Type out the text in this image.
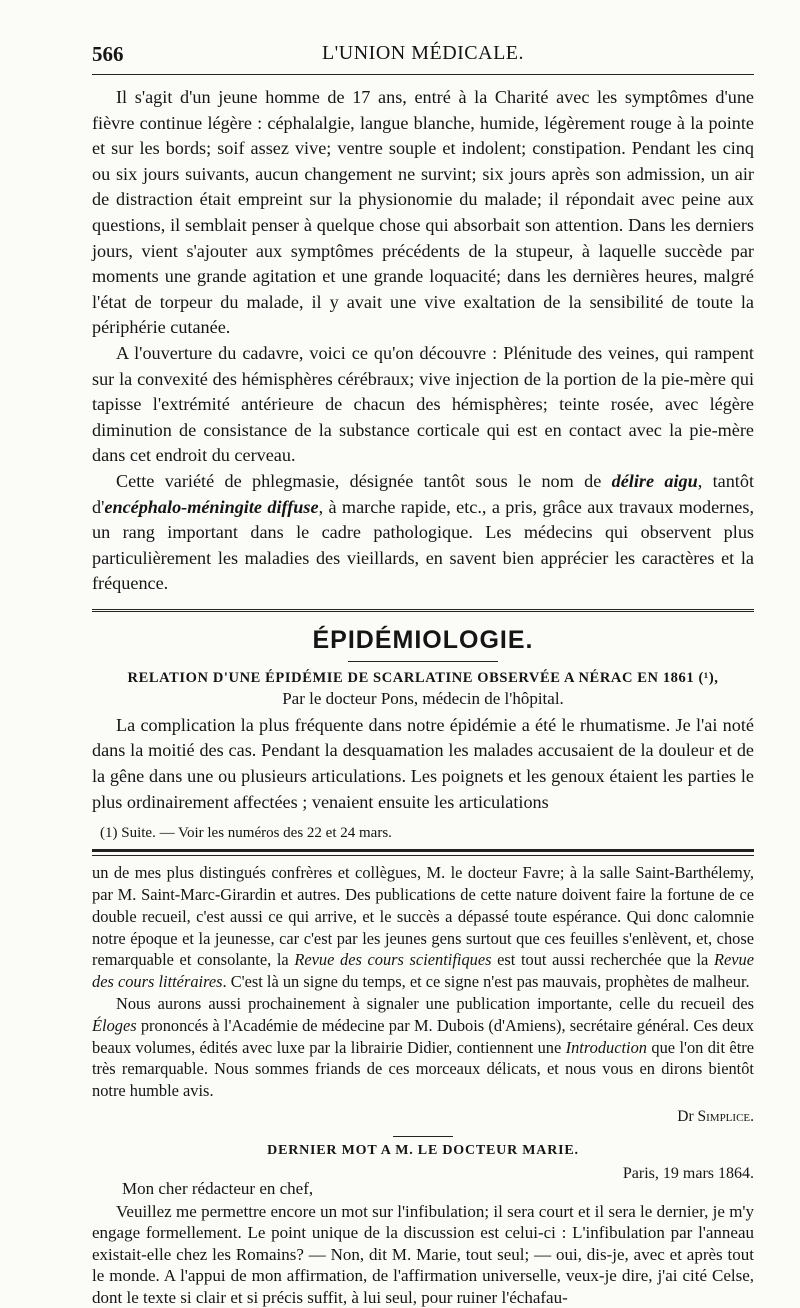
566	L'UNION MÉDICALE.

Il s'agit d'un jeune homme de 17 ans, entré à la Charité avec les symptômes d'une fièvre continue légère : céphalalgie, langue blanche, humide, légèrement rouge à la pointe et sur les bords; soif assez vive; ventre souple et indolent; constipation. Pendant les cinq ou six jours suivants, aucun changement ne survint; six jours après son admission, un air de distraction était empreint sur la physionomie du malade; il répondait avec peine aux questions, il semblait penser à quelque chose qui absorbait son attention. Dans les derniers jours, vient s'ajouter aux symptômes précédents de la stupeur, à laquelle succède par moments une grande agitation et une grande loquacité; dans les dernières heures, malgré l'état de torpeur du malade, il y avait une vive exaltation de la sensibilité de toute la périphérie cutanée.

A l'ouverture du cadavre, voici ce qu'on découvre : Plénitude des veines, qui rampent sur la convexité des hémisphères cérébraux; vive injection de la portion de la pie-mère qui tapisse l'extrémité antérieure de chacun des hémisphères; teinte rosée, avec légère diminution de consistance de la substance corticale qui est en contact avec la pie-mère dans cet endroit du cerveau.

Cette variété de phlegmasie, désignée tantôt sous le nom de délire aigu, tantôt d'encéphalo-méningite diffuse, à marche rapide, etc., a pris, grâce aux travaux modernes, un rang important dans le cadre pathologique. Les médecins qui observent plus particulièrement les maladies des vieillards, en savent bien apprécier les caractères et la fréquence.

ÉPIDÉMIOLOGIE.
RELATION D'UNE ÉPIDÉMIE DE SCARLATINE OBSERVÉE A NÉRAC EN 1861 (¹),
Par le docteur Pons, médecin de l'hôpital.

La complication la plus fréquente dans notre épidémie a été le rhumatisme. Je l'ai noté dans la moitié des cas. Pendant la desquamation les malades accusaient de la douleur et de la gêne dans une ou plusieurs articulations. Les poignets et les genoux étaient les parties le plus ordinairement affectées ; venaient ensuite les articulations

(1) Suite. — Voir les numéros des 22 et 24 mars.

un de mes plus distingués confrères et collègues, M. le docteur Favre; à la salle Saint-Barthélemy, par M. Saint-Marc-Girardin et autres. Des publications de cette nature doivent faire la fortune de ce double recueil, c'est aussi ce qui arrive, et le succès a dépassé toute espérance. Qui donc calomnie notre époque et la jeunesse, car c'est par les jeunes gens surtout que ces feuilles s'enlèvent, et, chose remarquable et consolante, la Revue des cours scientifiques est tout aussi recherchée que la Revue des cours littéraires. C'est là un signe du temps, et ce signe n'est pas mauvais, prophètes de malheur.

Nous aurons aussi prochainement à signaler une publication importante, celle du recueil des Éloges prononcés à l'Académie de médecine par M. Dubois (d'Amiens), secrétaire général. Ces deux beaux volumes, édités avec luxe par la librairie Didier, contiennent une Introduction que l'on dit être très remarquable. Nous sommes friands de ces morceaux délicats, et nous vous en dirons bientôt notre humble avis.

Dr Simplice.
DERNIER MOT A M. LE DOCTEUR MARIE.
Paris, 19 mars 1864.
Mon cher rédacteur en chef,

Veuillez me permettre encore un mot sur l'infibulation; il sera court et il sera le dernier, je m'y engage formellement. Le point unique de la discussion est celui-ci : L'infibulation par l'anneau existait-elle chez les Romains? — Non, dit M. Marie, tout seul; — oui, dis-je, avec et après tout le monde. A l'appui de mon affirmation, de l'affirmation universelle, veux-je dire, j'ai cité Celse, dont le texte si clair et si précis suffit, à lui seul, pour ruiner l'échafau-
